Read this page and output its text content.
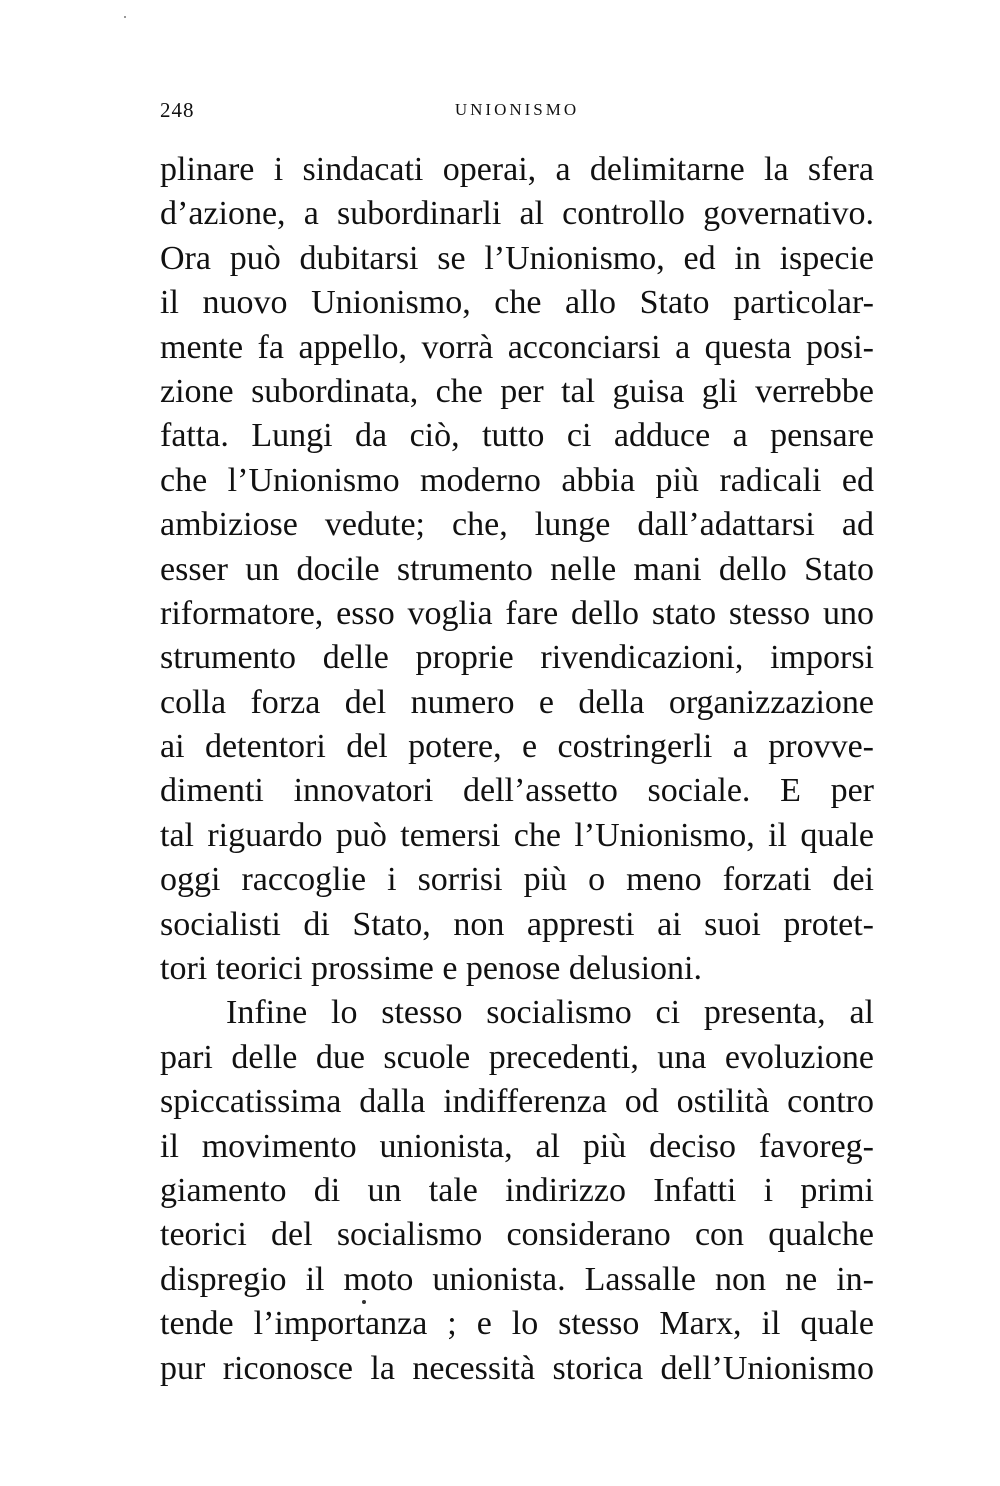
248	UNIONISMO
plinare i sindacati operai, a delimitarne la sfera
d’azione, a subordinarli al controllo governativo.
Ora può dubitarsi se l’Unionismo, ed in ispecie
il nuovo Unionismo, che allo Stato particolar-
mente fa appello, vorrà acconciarsi a questa posi-
zione subordinata, che per tal guisa gli verrebbe
fatta. Lungi da ciò, tutto ci adduce a pensare
che l’Unionismo moderno abbia più radicali ed
ambiziose vedute; che, lunge dall’adattarsi ad
esser un docile strumento nelle mani dello Stato
riformatore, esso voglia fare dello stato stesso uno
strumento delle proprie rivendicazioni, imporsi
colla forza del numero e della organizzazione
ai detentori del potere, e costringerli a provve-
dimenti innovatori dell’assetto sociale. E per
tal riguardo può temersi che l’Unionismo, il quale
oggi raccoglie i sorrisi più o meno forzati dei
socialisti di Stato, non appresti ai suoi protet-
tori teorici prossime e penose delusioni.
Infine lo stesso socialismo ci presenta, al
pari delle due scuole precedenti, una evoluzione
spiccatissima dalla indifferenza od ostilità contro
il movimento unionista, al più deciso favoreg-
giamento di un tale indirizzo Infatti i primi
teorici del socialismo considerano con qualche
dispregio il moto unionista. Lassalle non ne in-
tende l’importanza ; e lo stesso Marx, il quale
pur riconosce la necessità storica dell’Unionismo
